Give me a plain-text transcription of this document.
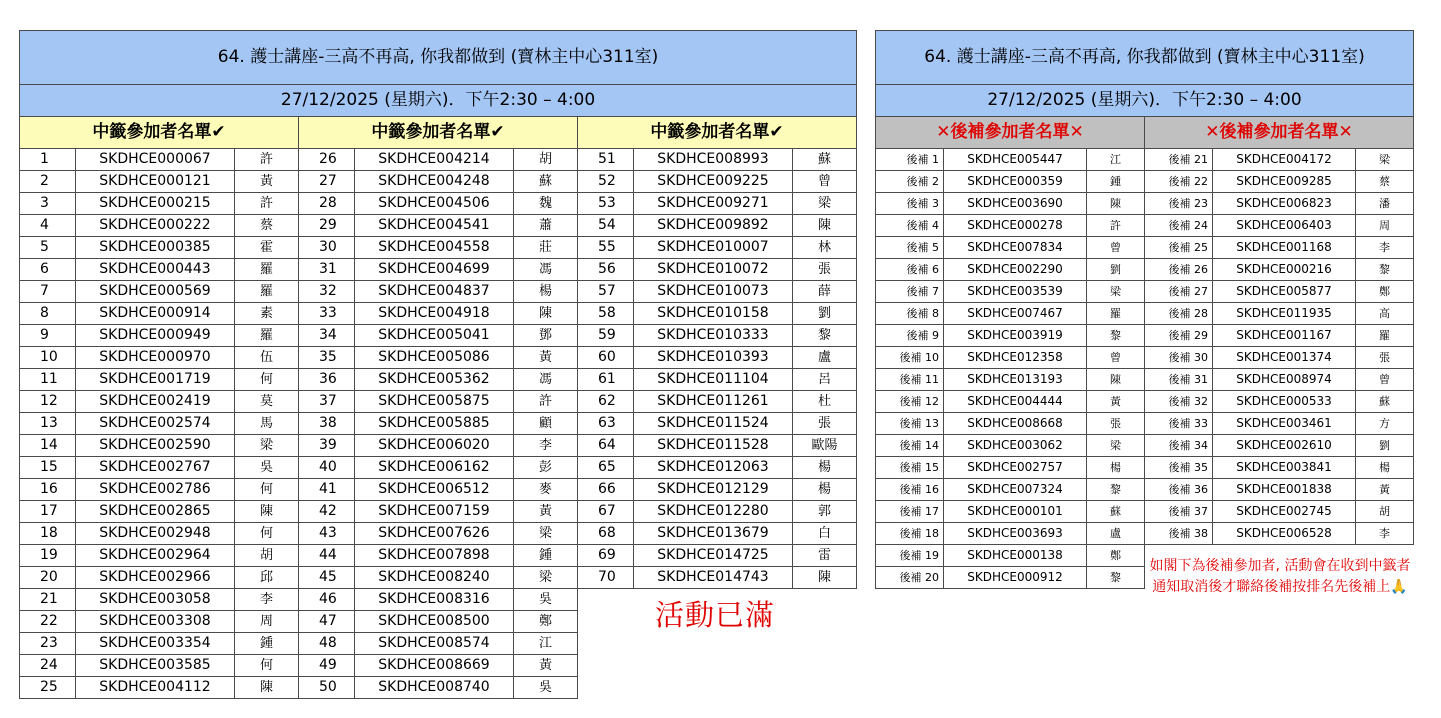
64. 護士講座-三高不再高, 你我都做到 (寶林主中心311室)								
27/12/2025 (星期六)．下午2:30 – 4:00								
中籤參加者名單✔			中籤參加者名單✔			中籤參加者名單✔		
1	SKDHCE000067	許	26	SKDHCE004214	胡	51	SKDHCE008993	蘇
2	SKDHCE000121	黃	27	SKDHCE004248	蘇	52	SKDHCE009225	曾
3	SKDHCE000215	許	28	SKDHCE004506	魏	53	SKDHCE009271	梁
4	SKDHCE000222	蔡	29	SKDHCE004541	蕭	54	SKDHCE009892	陳
5	SKDHCE000385	霍	30	SKDHCE004558	莊	55	SKDHCE010007	林
6	SKDHCE000443	羅	31	SKDHCE004699	馮	56	SKDHCE010072	張
7	SKDHCE000569	羅	32	SKDHCE004837	楊	57	SKDHCE010073	薛
8	SKDHCE000914	素	33	SKDHCE004918	陳	58	SKDHCE010158	劉
9	SKDHCE000949	羅	34	SKDHCE005041	鄧	59	SKDHCE010333	黎
10	SKDHCE000970	伍	35	SKDHCE005086	黃	60	SKDHCE010393	盧
11	SKDHCE001719	何	36	SKDHCE005362	馮	61	SKDHCE011104	呂
12	SKDHCE002419	莫	37	SKDHCE005875	許	62	SKDHCE011261	杜
13	SKDHCE002574	馬	38	SKDHCE005885	顧	63	SKDHCE011524	張
14	SKDHCE002590	梁	39	SKDHCE006020	李	64	SKDHCE011528	歐陽
15	SKDHCE002767	吳	40	SKDHCE006162	彭	65	SKDHCE012063	楊
16	SKDHCE002786	何	41	SKDHCE006512	麥	66	SKDHCE012129	楊
17	SKDHCE002865	陳	42	SKDHCE007159	黃	67	SKDHCE012280	郭
18	SKDHCE002948	何	43	SKDHCE007626	梁	68	SKDHCE013679	白
19	SKDHCE002964	胡	44	SKDHCE007898	鍾	69	SKDHCE014725	雷
20	SKDHCE002966	邱	45	SKDHCE008240	梁	70	SKDHCE014743	陳
21	SKDHCE003058	李	46	SKDHCE008316	吳			
22	SKDHCE003308	周	47	SKDHCE008500	鄭			
23	SKDHCE003354	鍾	48	SKDHCE008574	江			
24	SKDHCE003585	何	49	SKDHCE008669	黃			
25	SKDHCE004112	陳	50	SKDHCE008740	吳			
活動已滿
64. 護士講座-三高不再高, 你我都做到 (寶林主中心311室)					
27/12/2025 (星期六)．下午2:30 – 4:00					
✕後補參加者名單✕			✕後補參加者名單✕		
後補 1	SKDHCE005447	江	後補 21	SKDHCE004172	梁
後補 2	SKDHCE000359	鍾	後補 22	SKDHCE009285	蔡
後補 3	SKDHCE003690	陳	後補 23	SKDHCE006823	潘
後補 4	SKDHCE000278	許	後補 24	SKDHCE006403	周
後補 5	SKDHCE007834	曾	後補 25	SKDHCE001168	李
後補 6	SKDHCE002290	劉	後補 26	SKDHCE000216	黎
後補 7	SKDHCE003539	梁	後補 27	SKDHCE005877	鄭
後補 8	SKDHCE007467	羅	後補 28	SKDHCE011935	高
後補 9	SKDHCE003919	黎	後補 29	SKDHCE001167	羅
後補 10	SKDHCE012358	曾	後補 30	SKDHCE001374	張
後補 11	SKDHCE013193	陳	後補 31	SKDHCE008974	曾
後補 12	SKDHCE004444	黃	後補 32	SKDHCE000533	蘇
後補 13	SKDHCE008668	張	後補 33	SKDHCE003461	方
後補 14	SKDHCE003062	梁	後補 34	SKDHCE002610	劉
後補 15	SKDHCE002757	楊	後補 35	SKDHCE003841	楊
後補 16	SKDHCE007324	黎	後補 36	SKDHCE001838	黃
後補 17	SKDHCE000101	蘇	後補 37	SKDHCE002745	胡
後補 18	SKDHCE003693	盧	後補 38	SKDHCE006528	李
後補 19	SKDHCE000138	鄭			
後補 20	SKDHCE000912	黎			
如閣下為後補參加者, 活動會在收到中籤者通知取消後才聯絡後補按排名先後補上🙏
